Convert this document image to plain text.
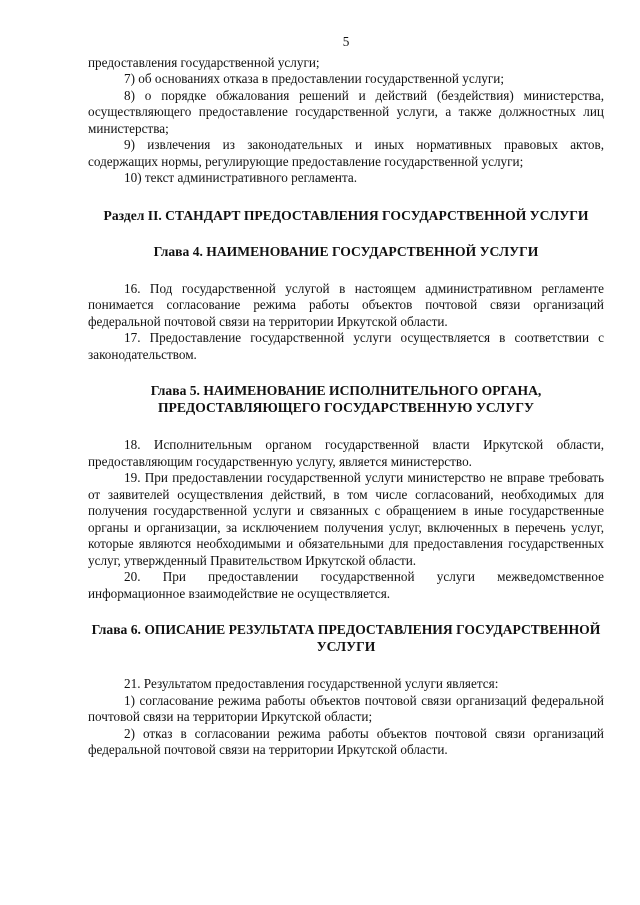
5

предоставления государственной услуги;

7) об основаниях отказа в предоставлении государственной услуги;

8) о порядке обжалования решений и действий (бездействия) министерства, осуществляющего предоставление государственной услуги, а также должностных лиц министерства;

9) извлечения из законодательных и иных нормативных правовых актов, содержащих нормы, регулирующие предоставление государственной услуги;

10) текст административного регламента.

Раздел II. СТАНДАРТ ПРЕДОСТАВЛЕНИЯ ГОСУДАРСТВЕННОЙ УСЛУГИ
Глава 4. НАИМЕНОВАНИЕ ГОСУДАРСТВЕННОЙ УСЛУГИ

16. Под государственной услугой в настоящем административном регламенте понимается согласование режима работы объектов почтовой связи организаций федеральной почтовой связи на территории Иркутской области.

17. Предоставление государственной услуги осуществляется в соответствии с законодательством.

Глава 5. НАИМЕНОВАНИЕ ИСПОЛНИТЕЛЬНОГО ОРГАНА, ПРЕДОСТАВЛЯЮЩЕГО ГОСУДАРСТВЕННУЮ УСЛУГУ

18. Исполнительным органом государственной власти Иркутской области, предоставляющим государственную услугу, является министерство.

19. При предоставлении государственной услуги министерство не вправе требовать от заявителей осуществления действий, в том числе согласований, необходимых для получения государственной услуги и связанных с обращением в иные государственные органы и организации, за исключением получения услуг, включенных в перечень услуг, которые являются необходимыми и обязательными для предоставления государственных услуг, утвержденный Правительством Иркутской области.

20. При предоставлении государственной услуги межведомственное информационное взаимодействие не осуществляется.

Глава 6. ОПИСАНИЕ РЕЗУЛЬТАТА ПРЕДОСТАВЛЕНИЯ ГОСУДАРСТВЕННОЙ УСЛУГИ

21. Результатом предоставления государственной услуги является:

1) согласование режима работы объектов почтовой связи организаций федеральной почтовой связи на территории Иркутской области;

2) отказ в согласовании режима работы объектов почтовой связи организаций федеральной почтовой связи на территории Иркутской области.
